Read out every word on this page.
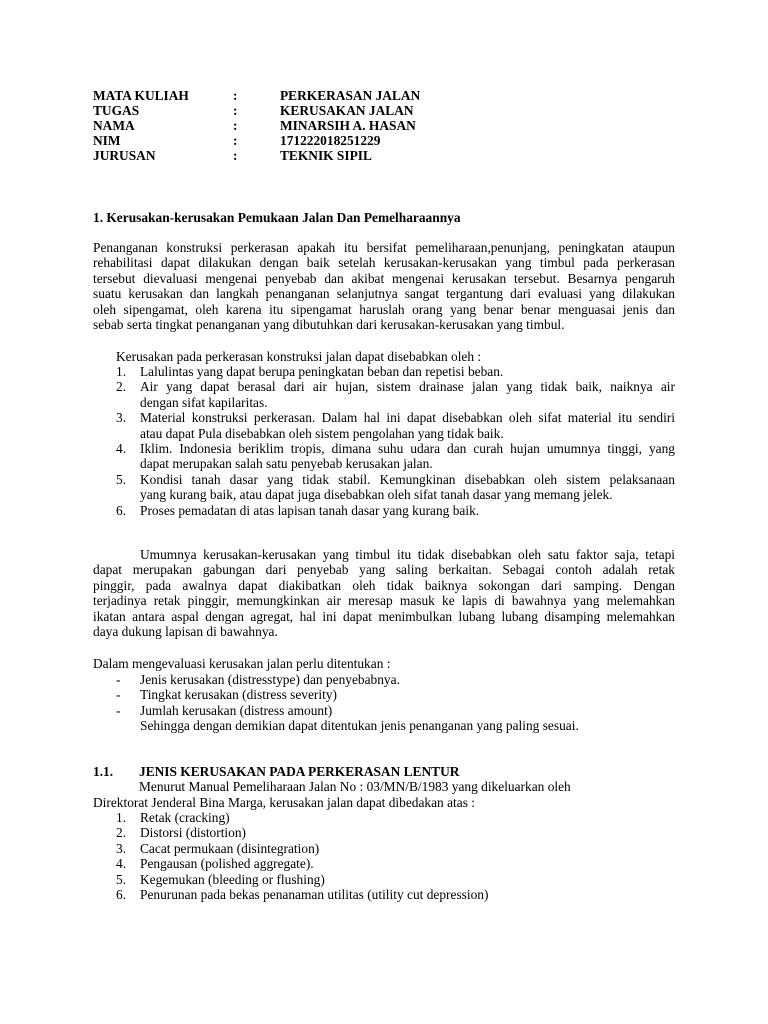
MATA KULIAH	:	PERKERASAN JALAN
TUGAS	:	KERUSAKAN JALAN
NAMA	:	MINARSIH A. HASAN
NIM	:	171222018251229
JURUSAN	:	TEKNIK SIPIL
1. Kerusakan-kerusakan Pemukaan Jalan Dan Pemelharaannya
Penanganan konstruksi perkerasan apakah itu bersifat pemeliharaan,penunjang, peningkatan ataupun
rehabilitasi dapat dilakukan dengan baik setelah kerusakan-kerusakan yang timbul pada perkerasan
tersebut dievaluasi mengenai penyebab dan akibat mengenai kerusakan tersebut. Besarnya pengaruh
suatu kerusakan dan langkah penanganan selanjutnya sangat tergantung dari evaluasi yang dilakukan
oleh sipengamat, oleh karena itu sipengamat haruslah orang yang benar benar menguasai jenis dan
sebab serta tingkat penanganan yang dibutuhkan dari kerusakan-kerusakan yang timbul.
Kerusakan pada perkerasan konstruksi jalan dapat disebabkan oleh :
1. Lalulintas yang dapat berupa peningkatan beban dan repetisi beban.
2. Air yang dapat berasal dari air hujan, sistem drainase jalan yang tidak baik, naiknya air
dengan sifat kapilaritas.
3. Material konstruksi perkerasan. Dalam hal ini dapat disebabkan oleh sifat material itu sendiri
atau dapat Pula disebabkan oleh sistem pengolahan yang tidak baik.
4. Iklim. Indonesia beriklim tropis, dimana suhu udara dan curah hujan umumnya tinggi, yang
dapat merupakan salah satu penyebab kerusakan jalan.
5. Kondisi tanah dasar yang tidak stabil. Kemungkinan disebabkan oleh sistem pelaksanaan
yang kurang baik, atau dapat juga disebabkan oleh sifat tanah dasar yang memang jelek.
6. Proses pemadatan di atas lapisan tanah dasar yang kurang baik.
Umumnya kerusakan-kerusakan yang timbul itu tidak disebabkan oleh satu faktor saja, tetapi
dapat merupakan gabungan dari penyebab yang saling berkaitan. Sebagai contoh adalah retak
pinggir, pada awalnya dapat diakibatkan oleh tidak baiknya sokongan dari samping. Dengan
terjadinya retak pinggir, memungkinkan air meresap masuk ke lapis di bawahnya yang melemahkan
ikatan antara aspal dengan agregat, hal ini dapat menimbulkan lubang lubang disamping melemahkan
daya dukung lapisan di bawahnya.
Dalam mengevaluasi kerusakan jalan perlu ditentukan :
- Jenis kerusakan (distresstype) dan penyebabnya.
- Tingkat kerusakan (distress severity)
- Jumlah kerusakan (distress amount)
Sehingga dengan demikian dapat ditentukan jenis penanganan yang paling sesuai.
1.1. JENIS KERUSAKAN PADA PERKERASAN LENTUR
Menurut Manual Pemeliharaan Jalan No : 03/MN/B/1983 yang dikeluarkan oleh
Direktorat Jenderal Bina Marga, kerusakan jalan dapat dibedakan atas :
1. Retak (cracking)
2. Distorsi (distortion)
3. Cacat permukaan (disintegration)
4. Pengausan (polished aggregate).
5. Kegemukan (bleeding or flushing)
6. Penurunan pada bekas penanaman utilitas (utility cut depression)
